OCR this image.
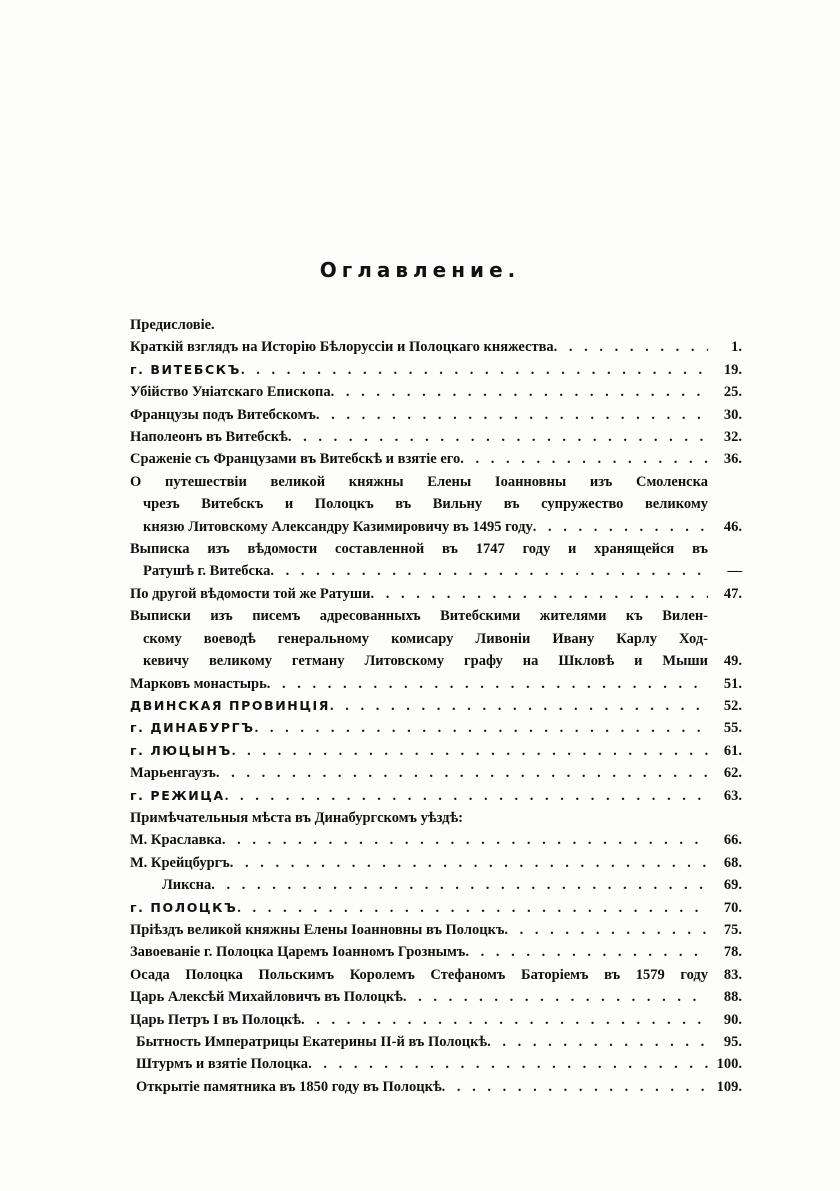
Оглавление.
Предисловіе.
Краткій взглядъ на Исторію Бѣлоруссіи и Полоцкаго княжества . . .	1.
г. ВИТЕБСКЪ . . .	19.
Убійство Уніатскаго Епископа . . .	25.
Французы подъ Витебскомъ . . .	30.
Наполеонъ въ Витебскѣ . . .	32.
Сраженіе съ Французами въ Витебскѣ и взятіе его . . .	36.
О путешествіи великой княжны Елены Іоанновны изъ Смоленска
чрезъ Витебскъ и Полоцкъ въ Вильну въ супружество великому
князю Литовскому Александру Казимировичу въ 1495 году . . .	46.
Выписка изъ вѣдомости составленной въ 1747 году и хранящейся въ
Ратушѣ г. Витебска . . .	—
По другой вѣдомости той же Ратуши . . .	47.
Выписки изъ писемъ адресованныхъ Витебскими жителями къ Вилен-
скому воеводѣ генеральному комисару Ливоніи Ивану Карлу Ход-
кевичу великому гетману Литовскому графу на Шкловѣ и Мыши	49.
Марковъ монастырь . . .	51.
ДВИНСКАЯ ПРОВИНЦІЯ . . .	52.
г. ДИНАБУРГЪ . . .	55.
г. ЛЮЦЫНЪ . . .	61.
Марьенгаузъ . . .	62.
г. РЕЖИЦА . . .	63.
Примѣчательныя мѣста въ Динабургскомъ уѣздѣ:
М. Краславка . . .	66.
М. Крейцбургъ . . .	68.
Ликсна . . .	69.
г. ПОЛОЦКЪ . . .	70.
Пріѣздъ великой княжны Елены Іоанновны въ Полоцкъ . . .	75.
Завоеваніе г. Полоцка Царемъ Іоанномъ Грознымъ . . .	78.
Осада Полоцка Польскимъ Королемъ Стефаномъ Баторіемъ въ 1579 году	83.
Царь Алексѣй Михайловичъ въ Полоцкѣ . . .	88.
Царь Петръ I въ Полоцкѣ . . .	90.
Бытность Императрицы Екатерины II-й въ Полоцкѣ . . .	95.
Штурмъ и взятіе Полоцка . . .	100.
Открытіе памятника въ 1850 году въ Полоцкѣ . . .	109.
